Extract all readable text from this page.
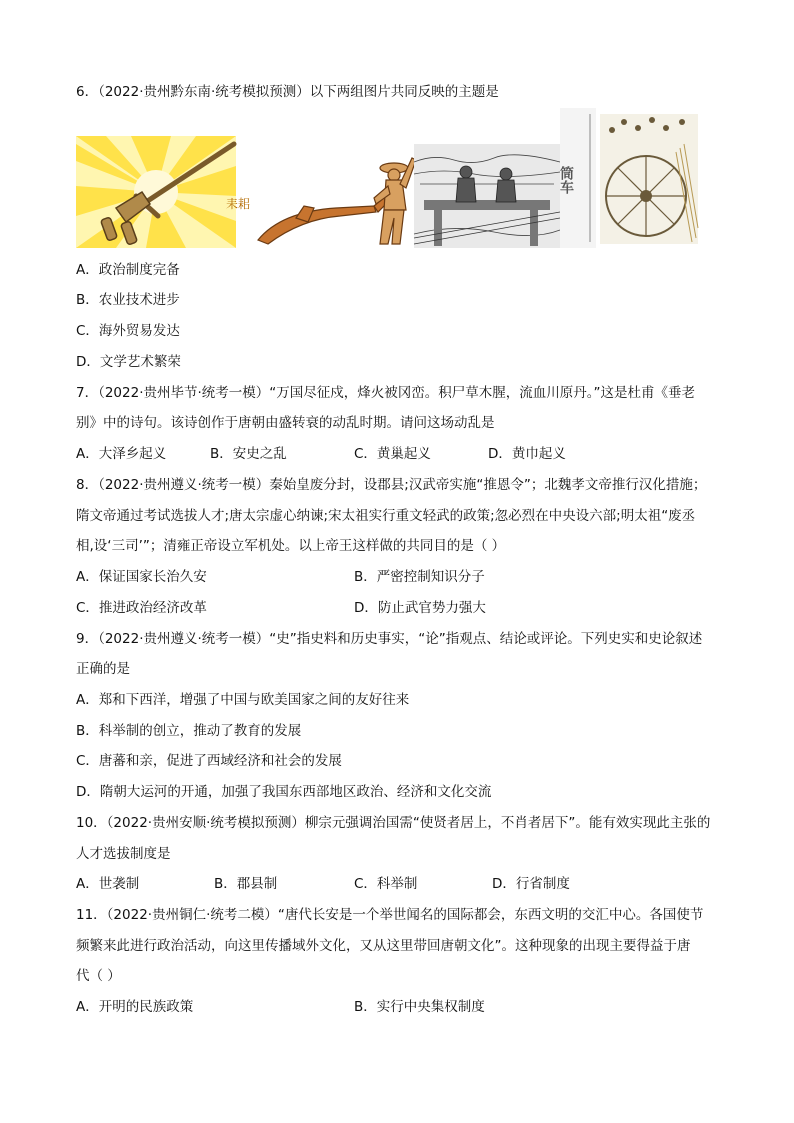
6．（2022·贵州黔东南·统考模拟预测）以下两组图片共同反映的主题是
耒耜
筒车
A．政治制度完备
B．农业技术进步
C．海外贸易发达
D．文学艺术繁荣
7．（2022·贵州毕节·统考一模）“万国尽征戍，烽火被冈峦。积尸草木腥，流血川原丹。”这是杜甫《垂老
别》中的诗句。该诗创作于唐朝由盛转衰的动乱时期。请问这场动乱是
A．大泽乡起义	B．安史之乱	C．黄巢起义	D．黄巾起义
8．（2022·贵州遵义·统考一模）秦始皇废分封，设郡县;汉武帝实施“推恩令”；北魏孝文帝推行汉化措施；
隋文帝通过考试选拔人才;唐太宗虚心纳谏;宋太祖实行重文轻武的政策;忽必烈在中央设六部;明太祖“废丞
相,设‘三司’”；清雍正帝设立军机处。以上帝王这样做的共同目的是（ ）
A．保证国家长治久安	B．严密控制知识分子
C．推进政治经济改革	D．防止武官势力强大
9．（2022·贵州遵义·统考一模）“史”指史料和历史事实，“论”指观点、结论或评论。下列史实和史论叙述
正确的是
A．郑和下西洋，增强了中国与欧美国家之间的友好往来
B．科举制的创立，推动了教育的发展
C．唐蕃和亲，促进了西域经济和社会的发展
D．隋朝大运河的开通，加强了我国东西部地区政治、经济和文化交流
10．（2022·贵州安顺·统考模拟预测）柳宗元强调治国需“使贤者居上，不肖者居下”。能有效实现此主张的
人才选拔制度是
A．世袭制	B．郡县制	C．科举制	D．行省制度
11．（2022·贵州铜仁·统考二模）“唐代长安是一个举世闻名的国际都会，东西文明的交汇中心。各国使节
频繁来此进行政治活动，向这里传播域外文化，又从这里带回唐朝文化”。这种现象的出现主要得益于唐
代（ ）
A．开明的民族政策	B．实行中央集权制度
